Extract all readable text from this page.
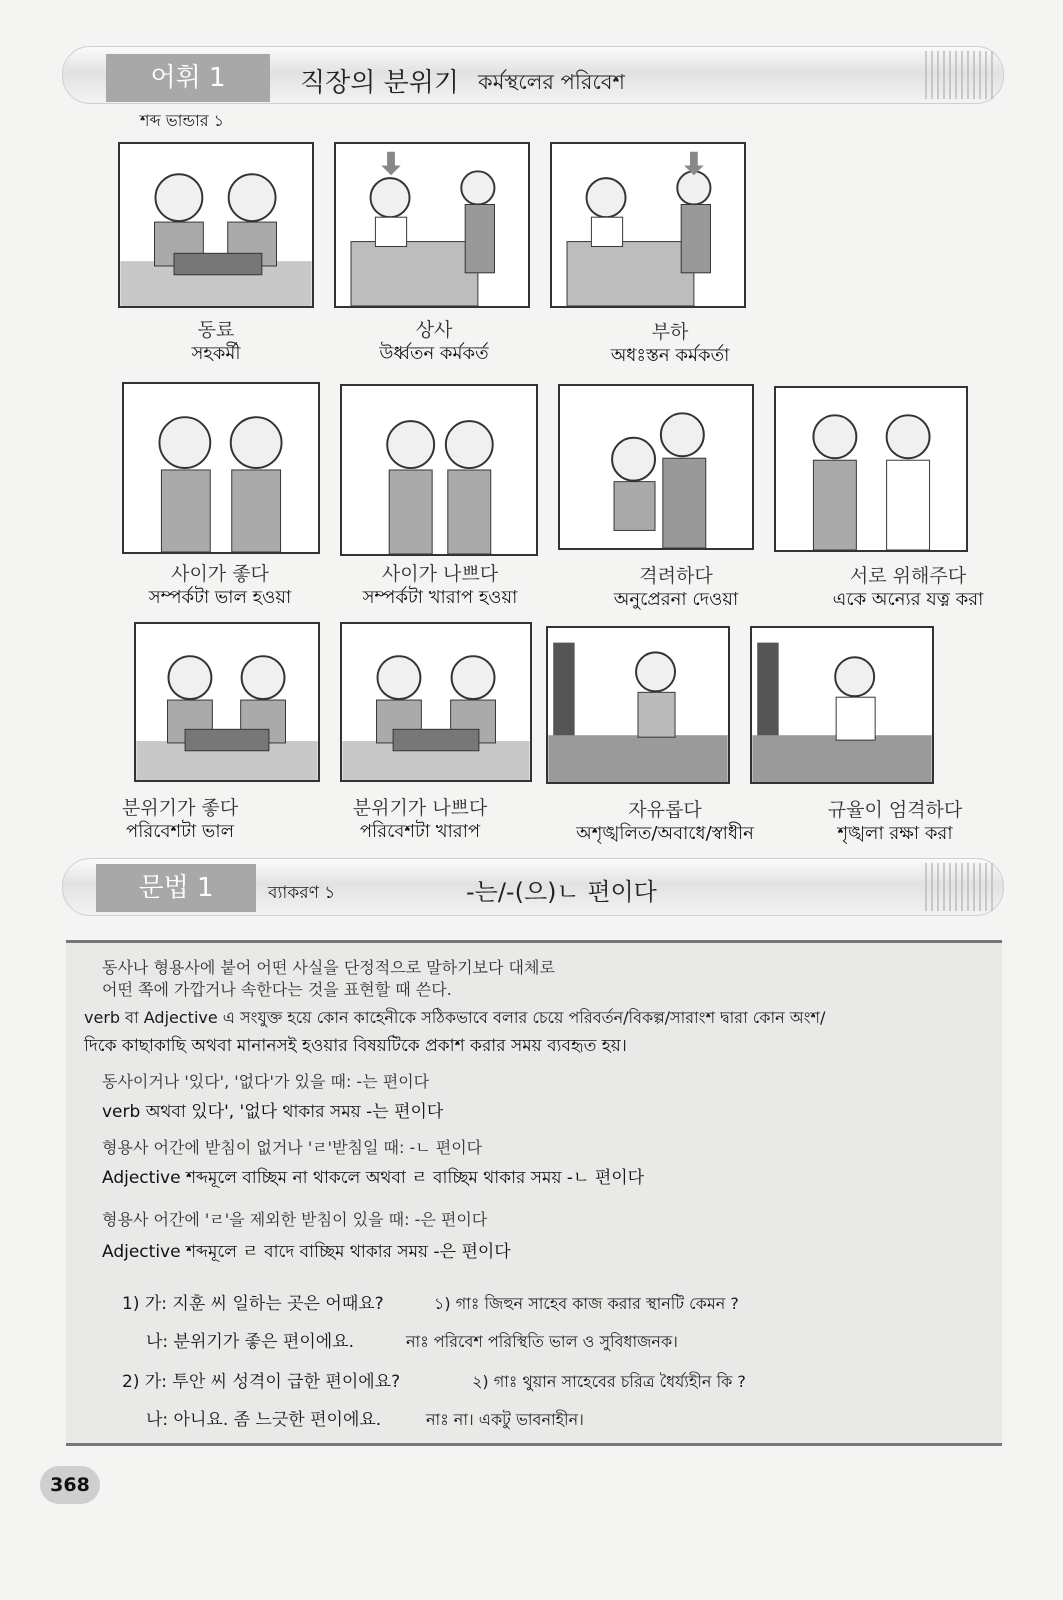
어휘 1	직장의 분위기 কর্মস্থলের পরিবেশ
শব্দ ভান্ডার ১
동료
সহকর্মী
상사
উর্ধ্বতন কর্মকর্ত
부하
অধঃস্তন কর্মকর্তা
사이가 좋다
সম্পর্কটা ভাল হওয়া
사이가 나쁘다
সম্পর্কটা খারাপ হওয়া
격려하다
অনুপ্রেরনা দেওয়া
서로 위해주다
একে অন্যের যত্ন করা
분위기가 좋다
পরিবেশটা ভাল
분위기가 나쁘다
পরিবেশটা খারাপ
자유롭다
অশৃঙ্খলিত/অবাধে/স্বাধীন
규율이 엄격하다
শৃঙ্খলা রক্ষা করা
문법 1	ব্যাকরণ ১	-는/-(으)ㄴ 편이다
동사나 형용사에 붙어 어떤 사실을 단정적으로 말하기보다 대체로
어떤 쪽에 가깝거나 속한다는 것을 표현할 때 쓴다.
verb বা Adjective এ সংযুক্ত হয়ে কোন কাহেনীকে সঠিকভাবে বলার চেয়ে পরিবর্তন/বিকল্প/সারাংশ দ্বারা কোন অংশ/
দিকে কাছাকাছি অথবা মানানসই হওয়ার বিষয়টিকে প্রকাশ করার সময় ব্যবহৃত হয়।
동사이거나 '있다', '없다'가 있을 때: -는 편이다
verb অথবা 있다', '없다 থাকার সময় -는 편이다
형용사 어간에 받침이 없거나 'ㄹ'받침일 때: -ㄴ 편이다
Adjective শব্দমূলে বাচ্ছিম না থাকলে অথবা ㄹ বাচ্ছিম থাকার সময় -ㄴ 편이다
형용사 어간에 'ㄹ'을 제외한 받침이 있을 때: -은 편이다
Adjective শব্দমূলে ㄹ বাদে বাচ্ছিম থাকার সময় -은 편이다
1) 가: 지훈 씨 일하는 곳은 어때요?	১) গাঃ জিহুন সাহেব কাজ করার স্থানটি কেমন ?
나: 분위기가 좋은 편이에요.	নাঃ পরিবেশ পরিস্থিতি ভাল ও সুবিধাজনক।
2) 가: 투안 씨 성격이 급한 편이에요?	২) গাঃ থুয়ান সাহেবের চরিত্র ধৈর্য্যহীন কি ?
나: 아니요. 좀 느긋한 편이에요.	নাঃ না। একটু ভাবনাহীন।
368
